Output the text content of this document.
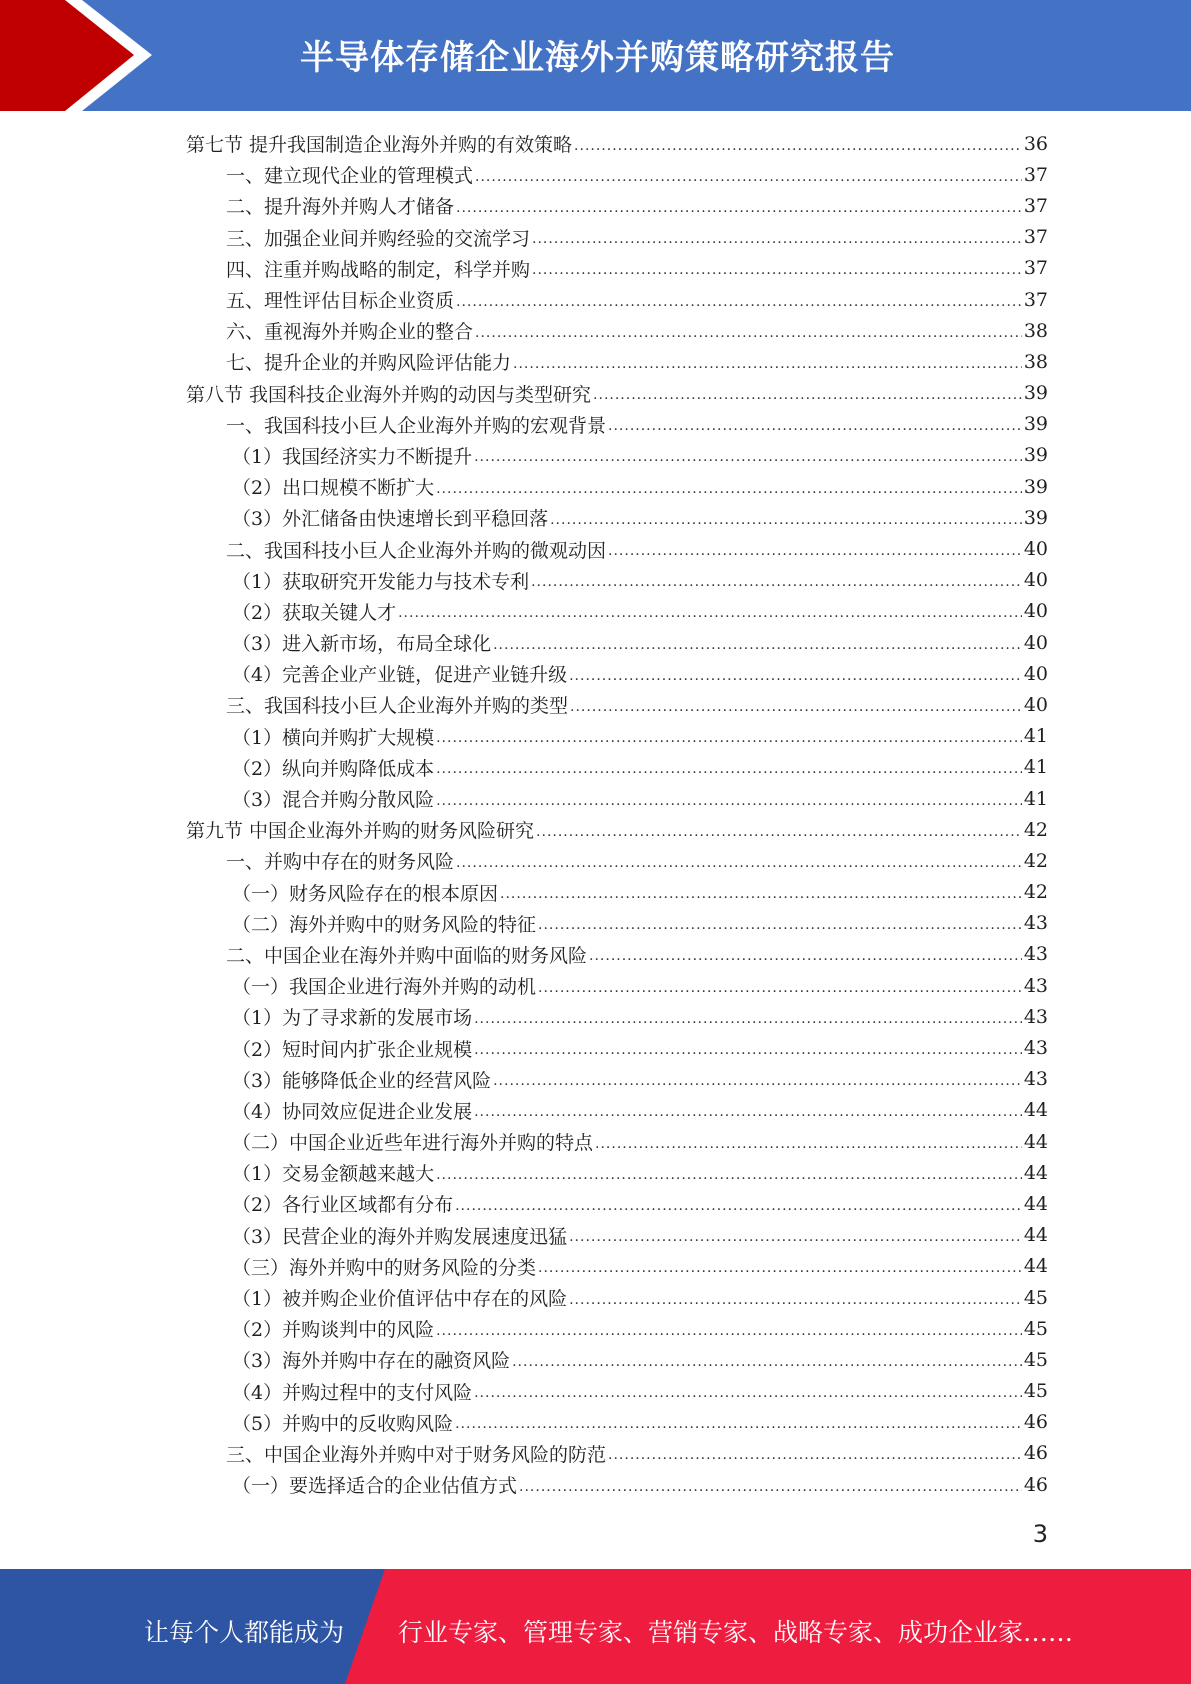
半导体存储企业海外并购策略研究报告
第七节 提升我国制造企业海外并购的有效策略 .....	36
一、建立现代企业的管理模式 .....	37
二、提升海外并购人才储备 .....	37
三、加强企业间并购经验的交流学习 .....	37
四、注重并购战略的制定，科学并购 .....	37
五、理性评估目标企业资质 .....	37
六、重视海外并购企业的整合 .....	38
七、提升企业的并购风险评估能力 .....	38
第八节 我国科技企业海外并购的动因与类型研究 .....	39
一、我国科技小巨人企业海外并购的宏观背景 .....	39
（1）我国经济实力不断提升 .....	39
（2）出口规模不断扩大 .....	39
（3）外汇储备由快速增长到平稳回落 .....	39
二、我国科技小巨人企业海外并购的微观动因 .....	40
（1）获取研究开发能力与技术专利 .....	40
（2）获取关键人才 .....	40
（3）进入新市场，布局全球化 .....	40
（4）完善企业产业链，促进产业链升级 .....	40
三、我国科技小巨人企业海外并购的类型 .....	40
（1）横向并购扩大规模 .....	41
（2）纵向并购降低成本 .....	41
（3）混合并购分散风险 .....	41
第九节 中国企业海外并购的财务风险研究 .....	42
一、并购中存在的财务风险 .....	42
（一）财务风险存在的根本原因 .....	42
（二）海外并购中的财务风险的特征 .....	43
二、中国企业在海外并购中面临的财务风险 .....	43
（一）我国企业进行海外并购的动机 .....	43
（1）为了寻求新的发展市场 .....	43
（2）短时间内扩张企业规模 .....	43
（3）能够降低企业的经营风险 .....	43
（4）协同效应促进企业发展 .....	44
（二）中国企业近些年进行海外并购的特点 .....	44
（1）交易金额越来越大 .....	44
（2）各行业区域都有分布 .....	44
（3）民营企业的海外并购发展速度迅猛 .....	44
（三）海外并购中的财务风险的分类 .....	44
（1）被并购企业价值评估中存在的风险 .....	45
（2）并购谈判中的风险 .....	45
（3）海外并购中存在的融资风险 .....	45
（4）并购过程中的支付风险 .....	45
（5）并购中的反收购风险 .....	46
三、中国企业海外并购中对于财务风险的防范 .....	46
（一）要选择适合的企业估值方式 .....	46
3
让每个人都能成为 行业专家、管理专家、营销专家、战略专家、成功企业家……
